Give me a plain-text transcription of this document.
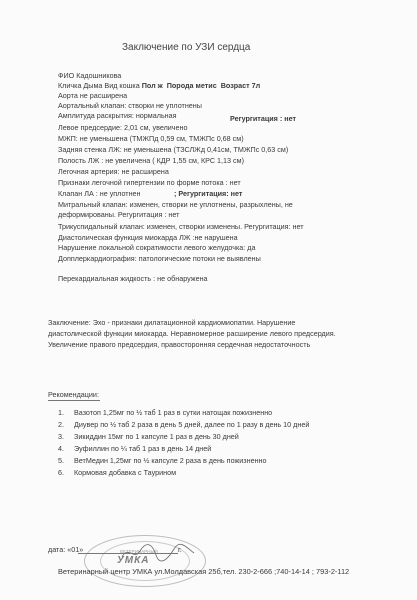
Заключение по УЗИ сердца
ФИО Кадошникова
Кличка Дыма Вид кошка Пол ж Порода метис Возраст 7л
Аорта не расширена
Аортальный клапан: створки не уплотнены
Амплитуда раскрытия: нормальная	Регургитация : нет
Левое предсердие: 2,01 см, увеличено
МЖП: не уменьшена (ТМЖПд 0,59 см, ТМЖПс 0,68 см)
Задняя стенка ЛЖ: не уменьшена (ТЗСЛЖд 0,41см, ТМЖПс 0,63 см)
Полость ЛЖ : не увеличена ( КДР 1,55 см, КРС 1,13 см)
Легочная артерия: не расширена
Признаки легочной гипертензии по форме потока : нет
Клапан ЛА : не уплотнен	; Регургитация: нет
Митральный клапан: изменен, створки не уплотнены, разрыхлены, не
деформированы. Регургитация : нет
Трикуспидальный клапан: изменен, створки изменены. Регургитация: нет
Диастолическая функция миокарда ЛЖ :не нарушена
Нарушение локальной сократимости левого желудочка: да
Допплеркардиография: патологические потоки не выявлены
Перекардиальная жидкость : не обнаружена
Заключение: Эхо - признаки дилатационной кардиомиопатии. Нарушение
диастолической функции миокарда. Неравномерное расширение левого предсердия.
Увеличение правого предсердия, правосторонняя сердечная недостаточность
Рекомендации:
1. Вазотоп 1,25мг по ½ таб 1 раз в сутки натощак пожизненно
2. Диувер по ½ таб 2 раза в день 5 дней, далее по 1 разу в день 10 дней
3. Зикиддин 15мг по 1 капсуле 1 раз в день 30 дней
4. Эуфиллин по ¼ таб 1 раз в день 14 дней
5. ВетМедин 1,25мг по ½ капсуле 2 раза в день пожизненно
6. Кормовая добавка с Таурином
ВЕТЕРИНАРНЫЙ
УМКА
дата: «01»	г.
Ветеринарный центр УМКА ул.Молдавская 25б,тел. 230-2-666 ;740-14-14 ; 793-2-112
